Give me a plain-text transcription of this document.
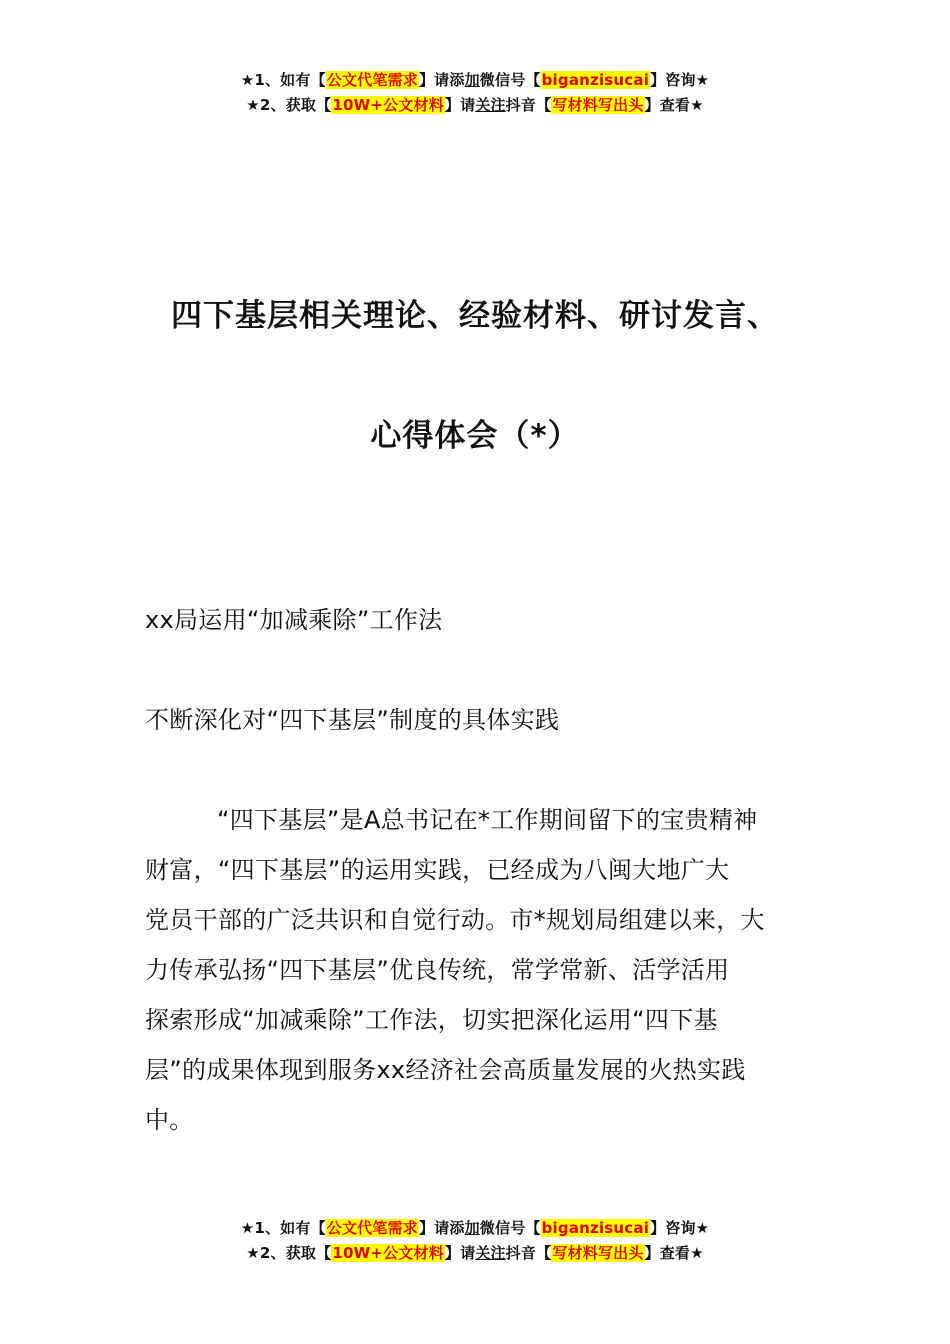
★1、如有【公文代笔需求】请添加微信号【biganzisucai】咨询★
★2、获取【10W+公文材料】请关注抖音【写材料写出头】查看★
四下基层相关理论、经验材料、研讨发言、
心得体会（*）
xx局运用“加减乘除”工作法
不断深化对“四下基层”制度的具体实践
“四下基层”是A总书记在*工作期间留下的宝贵精神
财富，“四下基层”的运用实践，已经成为八闽大地广大
党员干部的广泛共识和自觉行动。市*规划局组建以来，大
力传承弘扬“四下基层”优良传统，常学常新、活学活用
探索形成“加减乘除”工作法，切实把深化运用“四下基
层”的成果体现到服务xx经济社会高质量发展的火热实践
中。
★1、如有【公文代笔需求】请添加微信号【biganzisucai】咨询★
★2、获取【10W+公文材料】请关注抖音【写材料写出头】查看★
